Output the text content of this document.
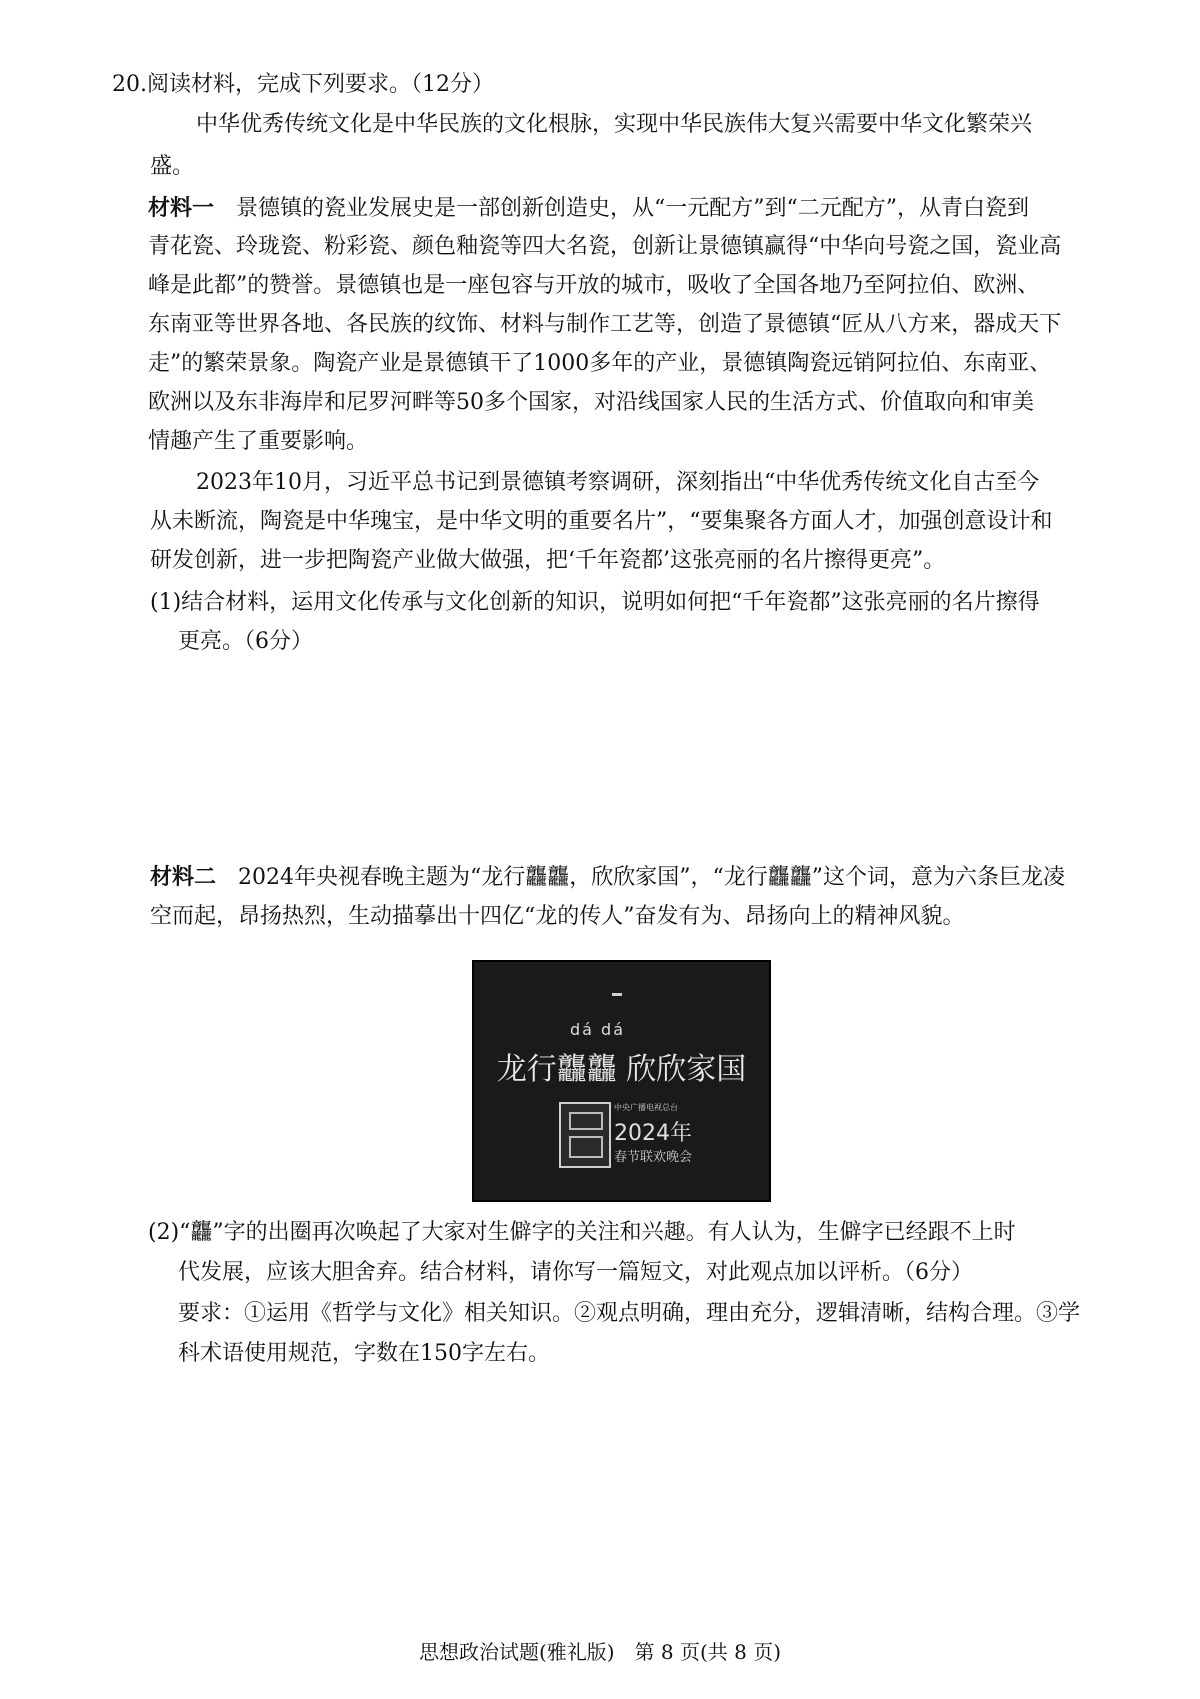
20.阅读材料，完成下列要求。（12分）
中华优秀传统文化是中华民族的文化根脉，实现中华民族伟大复兴需要中华文化繁荣兴
盛。
材料一　 景德镇的瓷业发展史是一部创新创造史，从“一元配方”到“二元配方”，从青白瓷到
青花瓷、玲珑瓷、粉彩瓷、颜色釉瓷等四大名瓷，创新让景德镇赢得“中华向号瓷之国，瓷业高
峰是此都”的赞誉。景德镇也是一座包容与开放的城市，吸收了全国各地乃至阿拉伯、欧洲、
东南亚等世界各地、各民族的纹饰、材料与制作工艺等，创造了景德镇“匠从八方来，器成天下
走”的繁荣景象。陶瓷产业是景德镇干了1000多年的产业，景德镇陶瓷远销阿拉伯、东南亚、
欧洲以及东非海岸和尼罗河畔等50多个国家，对沿线国家人民的生活方式、价值取向和审美
情趣产生了重要影响。
2023年10月，习近平总书记到景德镇考察调研，深刻指出“中华优秀传统文化自古至今
从未断流，陶瓷是中华瑰宝，是中华文明的重要名片”，“要集聚各方面人才，加强创意设计和
研发创新，进一步把陶瓷产业做大做强，把‘千年瓷都’这张亮丽的名片擦得更亮”。
(1)结合材料，运用文化传承与文化创新的知识，说明如何把“千年瓷都”这张亮丽的名片擦得
更亮。（6分）
材料二　 2024年央视春晚主题为“龙行龘龘，欣欣家国”，“龙行龘龘”这个词，意为六条巨龙凌
空而起，昂扬热烈，生动描摹出十四亿“龙的传人”奋发有为、昂扬向上的精神风貌。
dá dá
龙行龘龘 欣欣家国
中央广播电视总台
2024年
春节联欢晚会
(2)“龘”字的出圈再次唤起了大家对生僻字的关注和兴趣。有人认为，生僻字已经跟不上时
代发展，应该大胆舍弃。结合材料，请你写一篇短文，对此观点加以评析。（6分）
要求：①运用《哲学与文化》相关知识。②观点明确，理由充分，逻辑清晰，结构合理。③学
科术语使用规范，字数在150字左右。
思想政治试题(雅礼版)　第 8 页(共 8 页)
